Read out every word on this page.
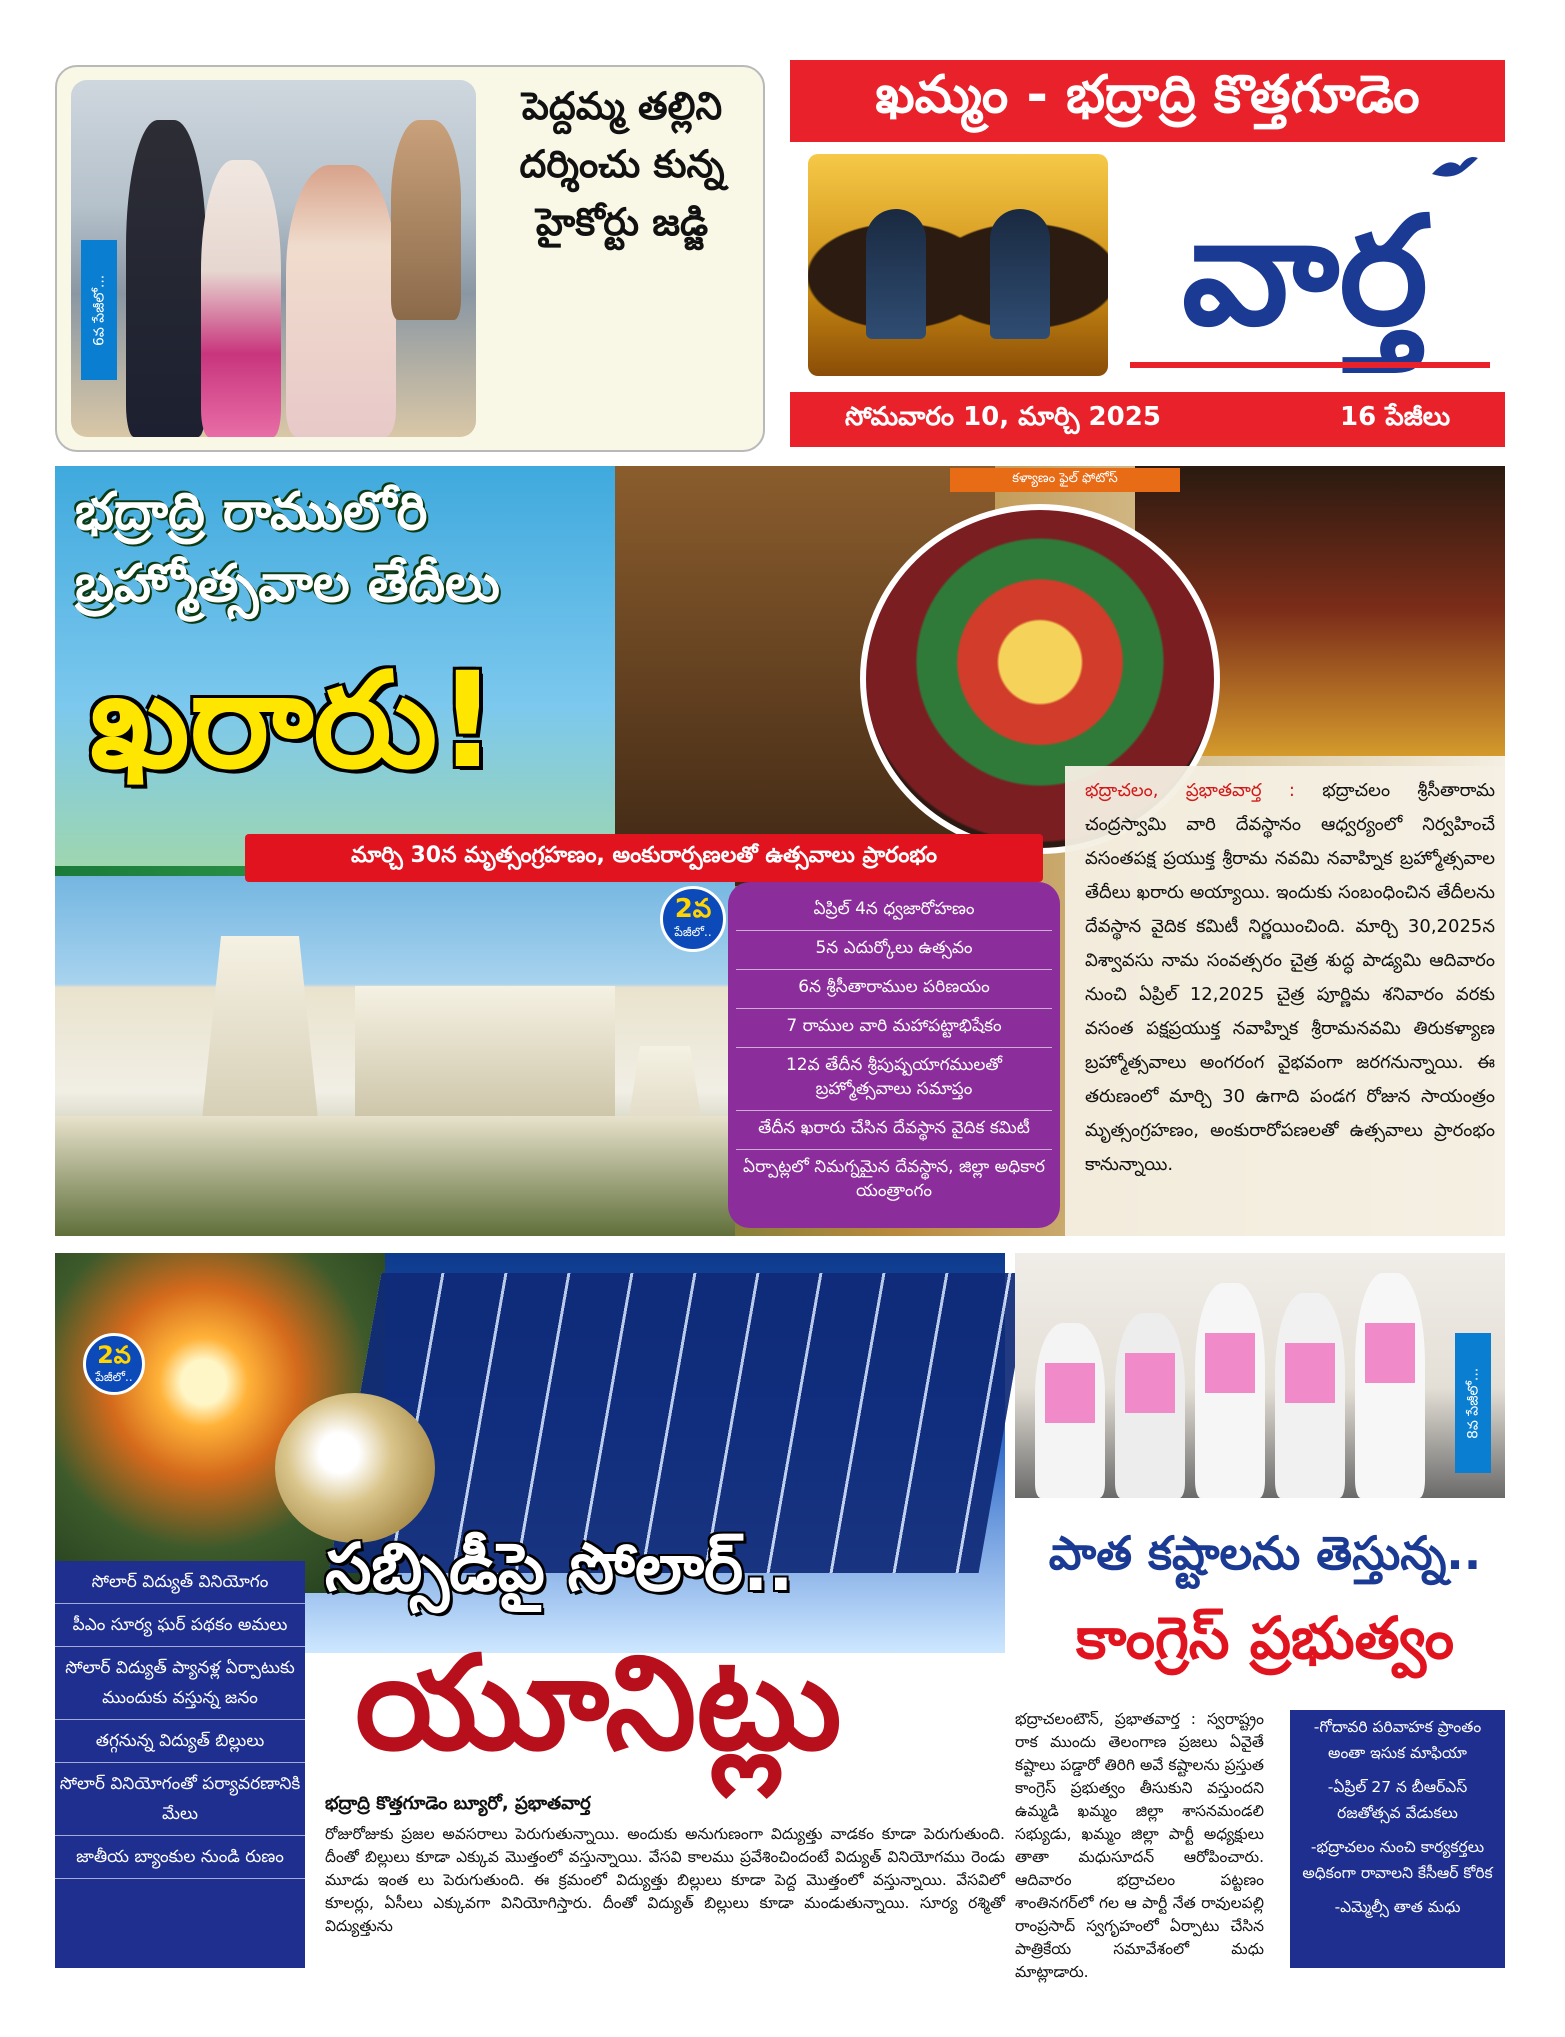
6వ పేజీలో...
పెద్దమ్మ తల్లిని దర్శించు కున్న హైకోర్టు జడ్జి
ఖమ్మం - భద్రాద్రి కొత్తగూడెం
వార్త
సోమవారం 10, మార్చి 2025	16 పేజీలు
కళ్యాణం ఫైల్ ఫోటోస్
భద్రాద్రి రాములోరి
బ్రహ్మోత్సవాల తేదీలు
ఖరారు!
మార్చి 30న మృత్సంగ్రహణం, అంకురార్పణలతో ఉత్సవాలు ప్రారంభం
2వ
పేజీలో..
ఏప్రిల్ 4న ధ్వజారోహణం
5న ఎదుర్కోలు ఉత్సవం
6న శ్రీసీతారాముల పరిణయం
7 రాముల వారి మహాపట్టాభిషేకం
12వ తేదీన శ్రీపుష్పయాగములతో బ్రహ్మోత్సవాలు సమాప్తం
తేదీన ఖరారు చేసిన దేవస్థాన వైదిక కమిటీ
ఏర్పాట్లలో నిమగ్నమైన దేవస్థాన, జిల్లా అధికార యంత్రాంగం
భద్రాచలం, ప్రభాతవార్త : భద్రాచలం శ్రీసీతారామ చంద్రస్వామి వారి దేవస్థానం ఆధ్వర్యంలో నిర్వహించే వసంతపక్ష ప్రయుక్త శ్రీరామ నవమి నవాహ్నిక బ్రహ్మోత్సవాల తేదీలు ఖరారు అయ్యాయి. ఇందుకు సంబంధించిన తేదీలను దేవస్థాన వైదిక కమిటీ నిర్ణయించింది. మార్చి 30,2025న విశ్వావసు నామ సంవత్సరం చైత్ర శుద్ధ పాడ్యమి ఆదివారం నుంచి ఏప్రిల్ 12,2025 చైత్ర పూర్ణిమ శనివారం వరకు వసంత పక్షప్రయుక్త నవాహ్నిక శ్రీరామనవమి తిరుకళ్యాణ బ్రహ్మోత్సవాలు అంగరంగ వైభవంగా జరగనున్నాయి. ఈ తరుణంలో మార్చి 30 ఉగాది పండగ రోజున సాయంత్రం మృత్సంగ్రహణం, అంకురారోపణలతో ఉత్సవాలు ప్రారంభం కానున్నాయి.
2వ
పేజీలో..
సబ్సిడీపై సోలార్..
యూనిట్లు
సోలార్ విద్యుత్ వినియోగం
పీఎం సూర్య ఘర్ పథకం అమలు
సోలార్ విద్యుత్ ప్యానళ్ల ఏర్పాటుకు ముందుకు వస్తున్న జనం
తగ్గనున్న విద్యుత్ బిల్లులు
సోలార్ వినియోగంతో పర్యావరణానికి మేలు
జాతీయ బ్యాంకుల నుండి రుణం
భద్రాద్రి కొత్తగూడెం బ్యూరో, ప్రభాతవార్త
రోజురోజుకు ప్రజల అవసరాలు పెరుగుతున్నాయి. అందుకు అనుగుణంగా విద్యుత్తు వాడకం కూడా పెరుగుతుంది. దీంతో బిల్లులు కూడా ఎక్కువ మొత్తంలో వస్తున్నాయి. వేసవి కాలము ప్రవేశించిందంటే విద్యుత్ వినియోగము రెండు మూడు ఇంత లు పెరుగుతుంది. ఈ క్రమంలో విద్యుత్తు బిల్లులు కూడా పెద్ద మొత్తంలో వస్తున్నాయి. వేసవిలో కూలర్లు, ఏసీలు ఎక్కువగా వినియోగిస్తారు. దీంతో విద్యుత్ బిల్లులు కూడా మండుతున్నాయి. సూర్య రశ్మితో విద్యుత్తును
8వ పేజీలో...
పాత కష్టాలను తెస్తున్న..
కాంగ్రెస్ ప్రభుత్వం
భద్రాచలంటౌన్, ప్రభాతవార్త : స్వరాష్ట్రం రాక ముందు తెలంగాణ ప్రజలు ఏవైతే కష్టాలు పడ్డారో తిరిగి అవే కష్టాలను ప్రస్తుత కాంగ్రెస్ ప్రభుత్వం తీసుకుని వస్తుందని ఉమ్మడి ఖమ్మం జిల్లా శాసనమండలి సభ్యుడు, ఖమ్మం జిల్లా పార్టీ అధ్యక్షులు తాతా మధుసూదన్ ఆరోపించారు. ఆదివారం భద్రాచలం పట్టణం శాంతినగర్‌లో గల ఆ పార్టీ నేత రావులపల్లి రాంప్రసాద్ స్వగృహంలో ఏర్పాటు చేసిన పాత్రికేయ సమావేశంలో మధు మాట్లాడారు.
-గోదావరి పరివాహక ప్రాంతం అంతా ఇసుక మాఫియా
-ఏప్రిల్ 27 న బీఆర్ఎస్ రజతోత్సవ వేడుకలు
-భద్రాచలం నుంచి కార్యకర్తలు అధికంగా రావాలని కేసీఆర్ కోరిక
-ఎమ్మెల్సీ తాత మధు
